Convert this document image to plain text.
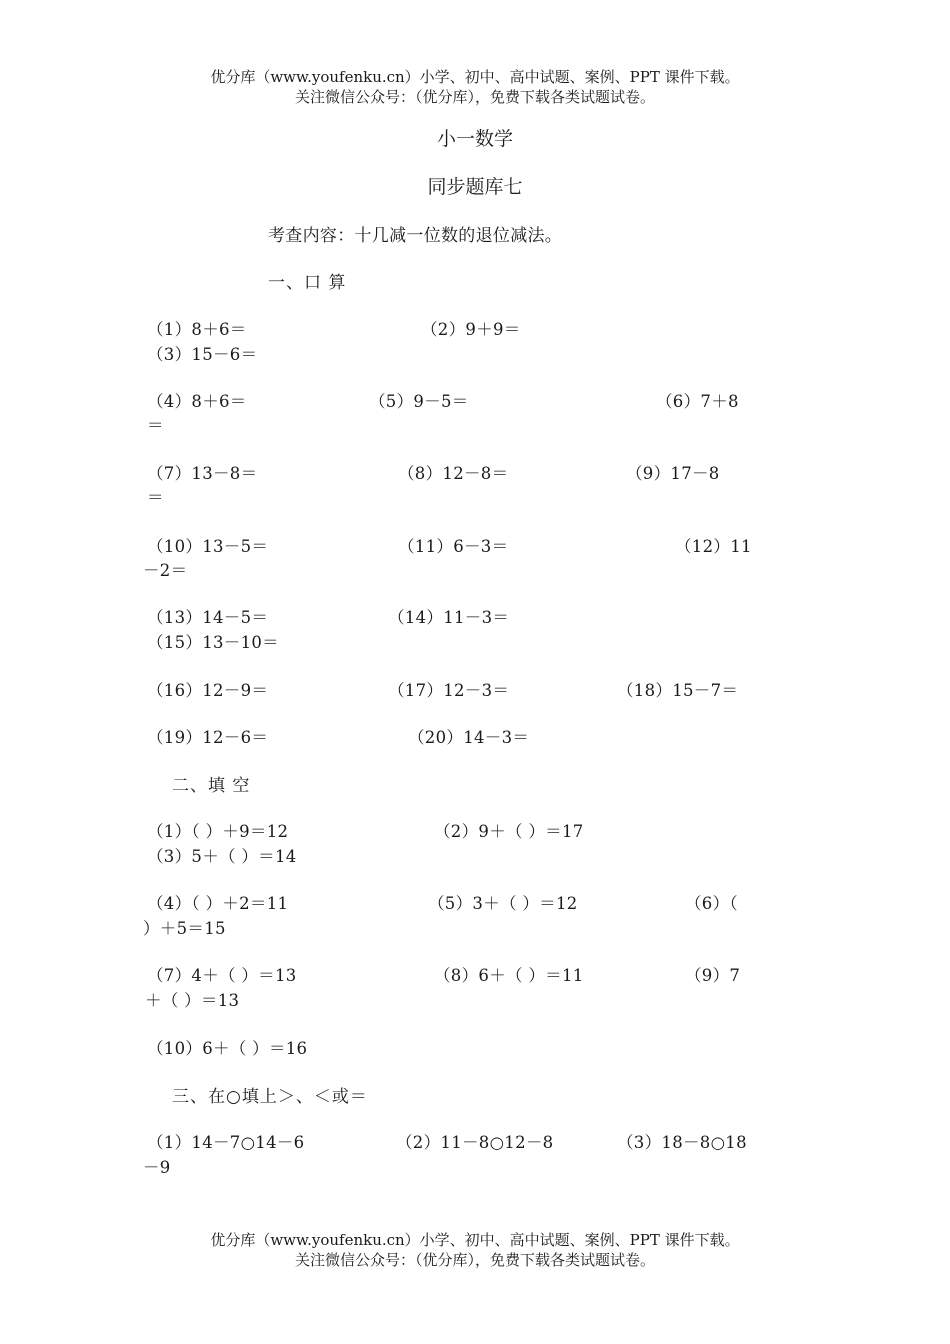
优分库（www.youfenku.cn）小学、初中、高中试题、案例、PPT 课件下载。
关注微信公众号：（优分库），免费下载各类试题试卷。
小一数学
同步题库七
考查内容：十几减一位数的退位减法。
一、口 算
（1）8＋6＝	（2）9＋9＝
（3）15－6＝
（4）8＋6＝	（5）9－5＝	（6）7＋8
＝
（7）13－8＝	（8）12－8＝	（9）17－8
＝
（10）13－5＝	（11）6－3＝	（12）11
－2＝
（13）14－5＝	（14）11－3＝
（15）13－10＝
（16）12－9＝	（17）12－3＝	（18）15－7＝
（19）12－6＝	（20）14－3＝
二、填 空
（1）（ ）＋9＝12	（2）9＋（ ）＝17
（3）5＋（ ）＝14
（4）（ ）＋2＝11	（5）3＋（ ）＝12	（6）（
）＋5＝15
（7）4＋（ ）＝13	（8）6＋（ ）＝11	（9）7
＋（ ）＝13
（10）6＋（ ）＝16
三、在○填上＞、＜或＝
（1）14－7○14－6	（2）11－8○12－8	（3）18－8○18
－9
优分库（www.youfenku.cn）小学、初中、高中试题、案例、PPT 课件下载。
关注微信公众号：（优分库），免费下载各类试题试卷。
